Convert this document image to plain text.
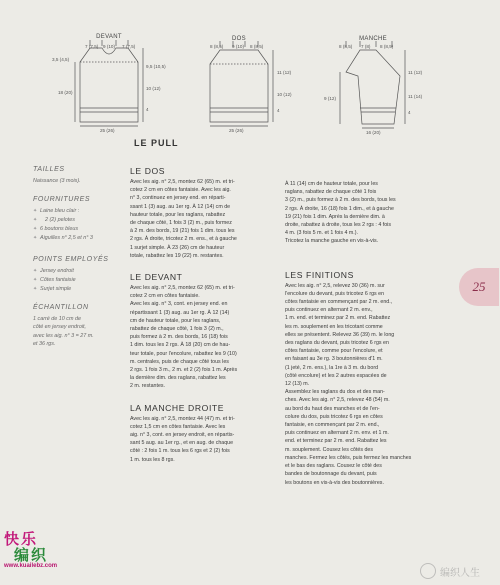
DEVANT	DOS	MANCHE
7 (7,5)	9 (10)	7 (7,5)
3,5 (4,5)
18 (20)
9,5 (10,5)
10 (12)
4
25 (26)
8 (8,5)	9 (10)	8 (8,5)
11 (12)
10 (12)
4
25 (26)
8 (8,5)	7 (8)	8 (8,5)
9 (12)
11 (12)
11 (14)
4
16 (20)
LE PULL
TAILLES
Naissance (3 mois).
FOURNITURES
✦ Laine bleu clair :
✦ 2 (2) pelotes
✦ 6 boutons bleus
✦ Aiguilles n° 2,5 et n° 3
POINTS EMPLOYÉS
✦ Jersey endroit
✦ Côtes fantaisie
✦ Surjet simple
ÉCHANTILLON
1 carré de 10 cm de
côté en jersey endroit,
avec les aig. n° 3 = 27 m.
et 36 rgs.
LE DOS

Avec les aig. n° 2,5, montez 62 (65) m. et tri-

cotez 2 cm en côtes fantaisie. Avec les aig.

n° 3, continuez en jersey end. en réparti-

ssant 1 (3) aug. au 1er rg. À 12 (14) cm de

hauteur totale, pour les raglans, rabattez

de chaque côté, 1 fois 3 (2) m., puis formez

à 2 m. des bords, 19 (21) fois 1 dim. tous les

2 rgs. À droite, tricotez 2 m. ens., et à gauche

1 surjet simple. À 23 (26) cm de hauteur

totale, rabattez les 19 (22) m. restantes.

LE DEVANT

Avec les aig. n° 2,5, montez 62 (65) m. et tri-

cotez 2 cm en côtes fantaisie.

Avec les aig. n° 3, cont. en jersey end. en

répartissant 1 (3) aug. au 1er rg. À 12 (14)

cm de hauteur totale, pour les raglans,

rabattez de chaque côté, 1 fois 3 (2) m.,

puis formez à 2 m. des bords, 16 (18) fois

1 dim. tous les 2 rgs. À 18 (20) cm de hau-

teur totale, pour l'encolure, rabattez les 9 (10)

m. centrales, puis de chaque côté tous les

2 rgs. 1 fois 3 m., 2 m. et 2 (2) fois 1 m. Après

la dernière dim. des raglans, rabattez les

2 m. restantes.

LA MANCHE DROITE

Avec les aig. n° 2,5, montez 44 (47) m. et tri-

cotez 1,5 cm en côtes fantaisie. Avec les

aig. n° 3, cont. en jersey endroit, en répartis-

sant 5 aug. au 1er rg., et en aug. de chaque

côté : 2 fois 1 m. tous les 6 rgs et 2 (2) fois

1 m. tous les 8 rgs.

À 11 (14) cm de hauteur totale, pour les

raglans, rabattez de chaque côté 1 fois

3 (2) m., puis formez à 2 m. des bords, tous les

2 rgs. À droite, 16 (18) fois 1 dim., et à gauche

19 (21) fois 1 dim. Après la dernière dim. à

droite, rabattez à droite, tous les 2 rgs : 4 fois

4 m. (3 fois 5 m. et 1 fois 4 m.).

Tricotez la manche gauche en vis-à-vis.

LES FINITIONS

Avec les aig. n° 2,5, relevez 30 (36) m. sur

l'encolure du devant, puis tricotez 6 rgs en

côtes fantaisie en commençant par 2 m. end.,

puis continuez en alternant 2 m. env.,

1 m. end. et terminez par 2 m. end. Rabattez

les m. souplement en les tricotant comme

elles se présentent. Relevez 36 (39) m. le long

des raglans du devant, puis tricotez 6 rgs en

côtes fantaisie, comme pour l'encolure, et

en faisant au 3e rg. 3 boutonnières d'1 m.

(1 jeté, 2 m. ens.), la 1re à 3 m. du bord

(côté encolure) et les 2 autres espacées de

12 (13) m.

Assemblez les raglans du dos et des man-

ches. Avec les aig. n° 2,5, relevez 48 (54) m.

au bord du haut des manches et de l'en-

colure du dos, puis tricotez 6 rgs en côtes

fantaisie, en commençant par 2 m. end.,

puis continuez en alternant 2 m. env. et 1 m.

end. et terminez par 2 m. end. Rabattez les

m. souplement. Cousez les côtés des

manches. Fermez les côtés, puis fermez les manches

et le bas des raglans. Cousez le côté des

bandes de boutonnage du devant, puis

les boutons en vis-à-vis des boutonnières.

25
快乐
编织
www.kuailebz.com
编织人生
